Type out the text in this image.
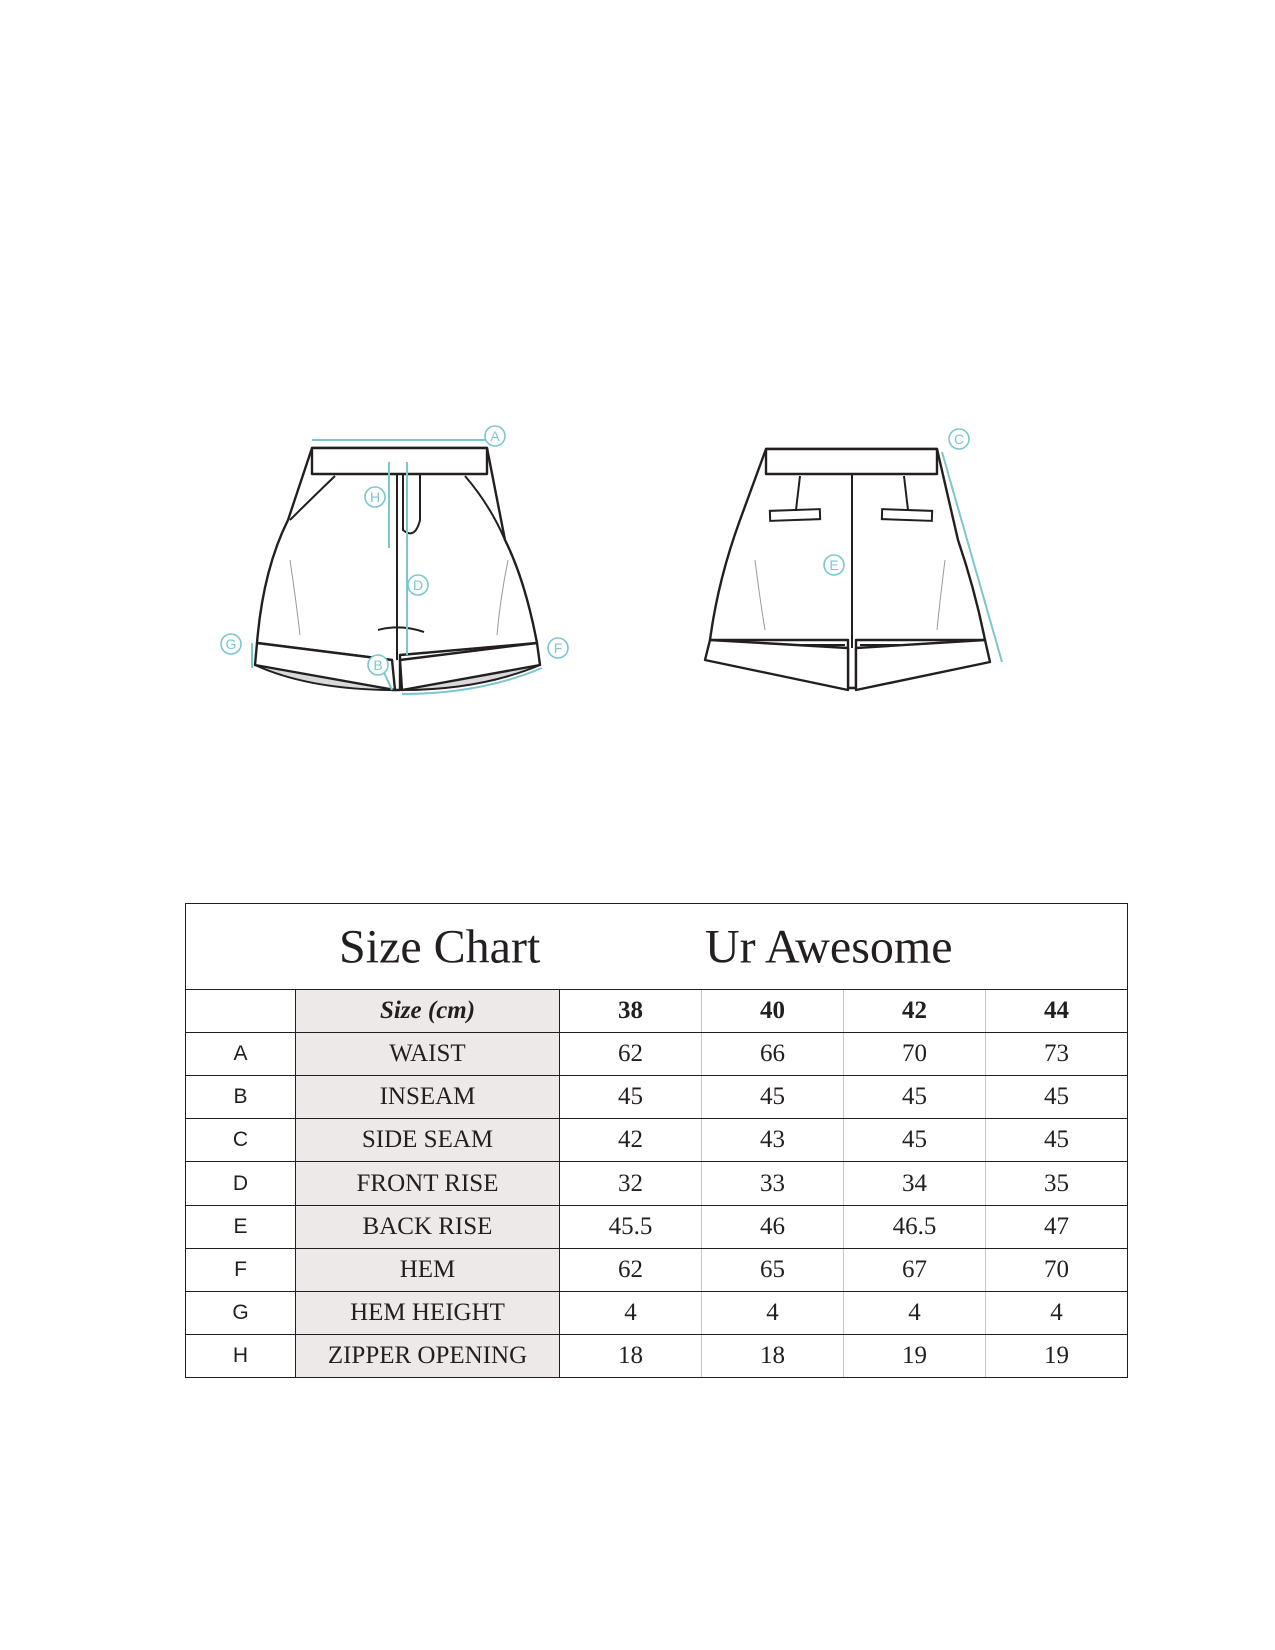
A
B
C
D
E
F
G
H
Size Chart Ur Awesome					

	Size (cm)	38	40	42	44
A	WAIST	62	66	70	73
B	INSEAM	45	45	45	45
C	SIDE SEAM	42	43	45	45
D	FRONT RISE	32	33	34	35
E	BACK RISE	45.5	46	46.5	47
F	HEM	62	65	67	70
G	HEM HEIGHT	4	4	4	4
H	ZIPPER OPENING	18	18	19	19
